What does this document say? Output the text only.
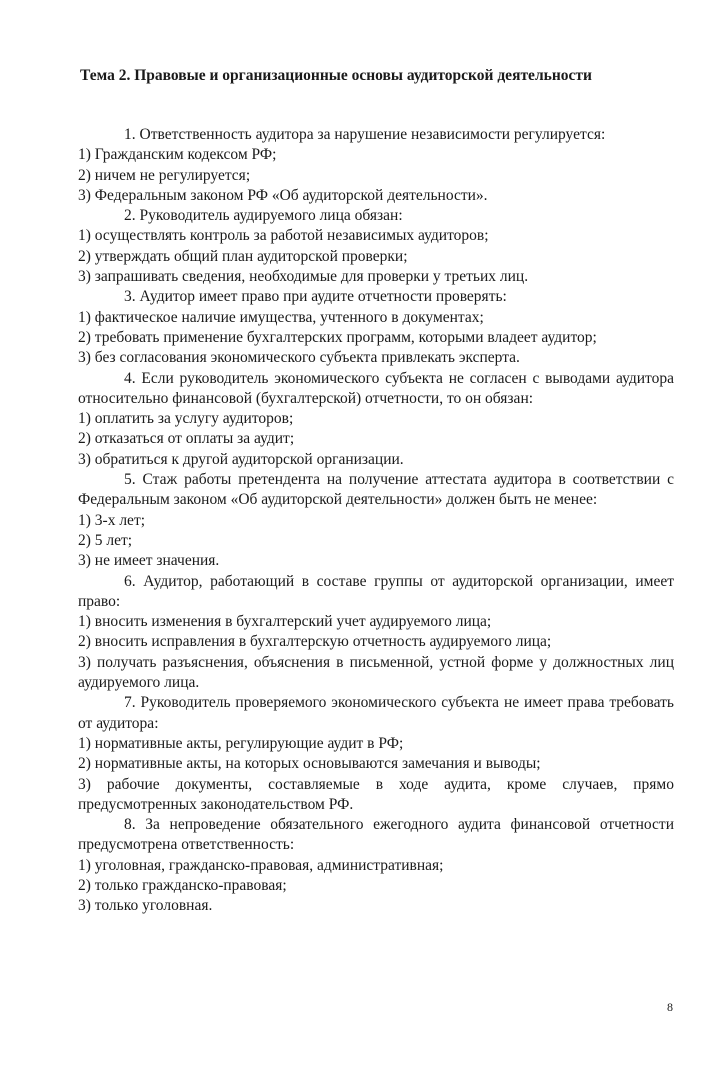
Тема 2. Правовые и организационные основы аудиторской деятельности

1. Ответственность аудитора за нарушение независимости регулируется:

1) Гражданским кодексом РФ;

2) ничем не регулируется;

3) Федеральным законом РФ «Об аудиторской деятельности».

2. Руководитель аудируемого лица обязан:

1) осуществлять контроль за работой независимых аудиторов;

2) утверждать общий план аудиторской проверки;

3) запрашивать сведения, необходимые для проверки у третьих лиц.

3. Аудитор имеет право при аудите отчетности проверять:

1) фактическое наличие имущества, учтенного в документах;

2) требовать применение бухгалтерских программ, которыми владеет аудитор;

3) без согласования экономического субъекта привлекать эксперта.

4. Если руководитель экономического субъекта не согласен с выводами аудитора относительно финансовой (бухгалтерской) отчетности, то он обязан:

1) оплатить за услугу аудиторов;

2) отказаться от оплаты за аудит;

3) обратиться к другой аудиторской организации.

5. Стаж работы претендента на получение аттестата аудитора в соответствии с Федеральным законом «Об аудиторской деятельности» должен быть не менее:

1) 3-х лет;

2) 5 лет;

3) не имеет значения.

6. Аудитор, работающий в составе группы от аудиторской организации, имеет право:

1) вносить изменения в бухгалтерский учет аудируемого лица;

2) вносить исправления в бухгалтерскую отчетность аудируемого лица;

3) получать разъяснения, объяснения в письменной, устной форме у должностных лиц аудируемого лица.

7. Руководитель проверяемого экономического субъекта не имеет права требовать от аудитора:

1) нормативные акты, регулирующие аудит в РФ;

2) нормативные акты, на которых основываются замечания и выводы;

3) рабочие документы, составляемые в ходе аудита, кроме случаев, прямо предусмотренных законодательством РФ.

8. За непроведение обязательного ежегодного аудита финансовой отчетности предусмотрена ответственность:

1) уголовная, гражданско-правовая, административная;

2) только гражданско-правовая;

3) только уголовная.

8
